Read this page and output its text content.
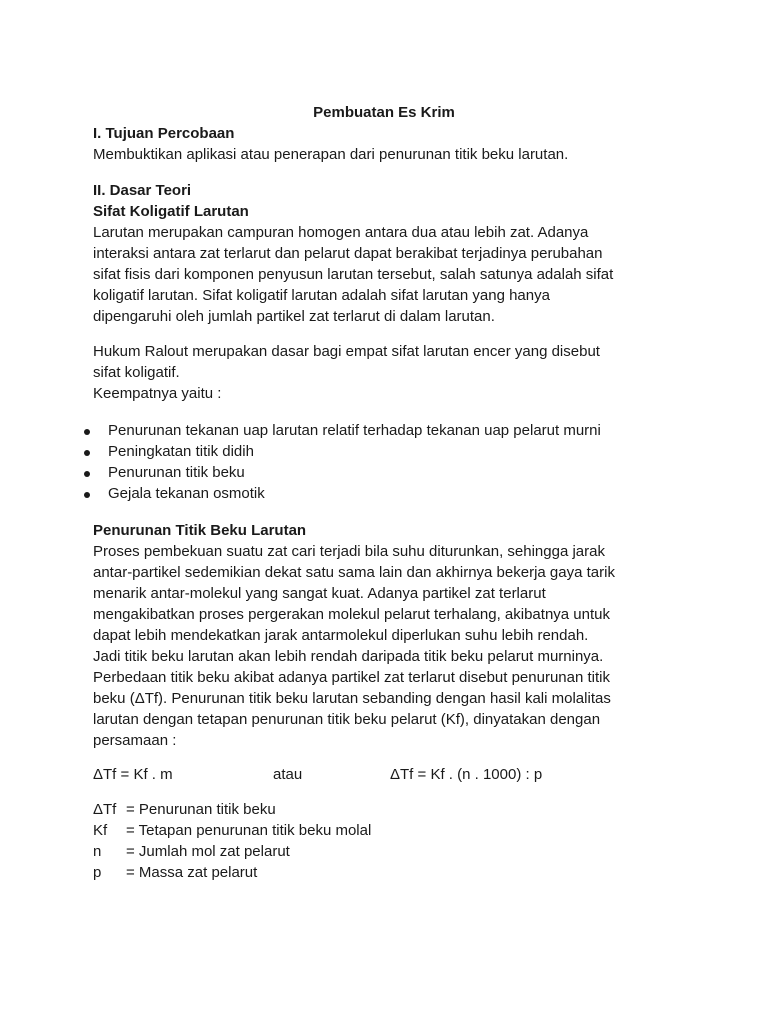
Pembuatan Es Krim
I. Tujuan Percobaan
Membuktikan aplikasi atau penerapan dari penurunan titik beku larutan.
II. Dasar Teori
Sifat Koligatif Larutan
Larutan merupakan campuran homogen antara dua atau lebih zat. Adanya
interaksi antara zat terlarut dan pelarut dapat berakibat terjadinya perubahan
sifat fisis dari komponen penyusun larutan tersebut, salah satunya adalah sifat
koligatif larutan. Sifat koligatif larutan adalah sifat larutan yang hanya
dipengaruhi oleh jumlah partikel zat terlarut di dalam larutan.
Hukum Ralout merupakan dasar bagi empat sifat larutan encer yang disebut
sifat koligatif.
Keempatnya yaitu :
Penurunan tekanan uap larutan relatif terhadap tekanan uap pelarut murni
Peningkatan titik didih
Penurunan titik beku
Gejala tekanan osmotik
Penurunan Titik Beku Larutan
Proses pembekuan suatu zat cari terjadi bila suhu diturunkan, sehingga jarak
antar-partikel sedemikian dekat satu sama lain dan akhirnya bekerja gaya tarik
menarik antar-molekul yang sangat kuat. Adanya partikel zat terlarut
mengakibatkan proses pergerakan molekul pelarut terhalang, akibatnya untuk
dapat lebih mendekatkan jarak antarmolekul diperlukan suhu lebih rendah.
Jadi titik beku larutan akan lebih rendah daripada titik beku pelarut murninya.
Perbedaan titik beku akibat adanya partikel zat terlarut disebut penurunan titik
beku (ΔTf). Penurunan titik beku larutan sebanding dengan hasil kali molalitas
larutan dengan tetapan penurunan titik beku pelarut (Kf), dinyatakan dengan
persamaan :
ΔTf = Kf . m	atau	ΔTf = Kf . (n . 1000) : p
ΔTf = Penurunan titik beku
Kf = Tetapan penurunan titik beku molal
n = Jumlah mol zat pelarut
p = Massa zat pelarut
